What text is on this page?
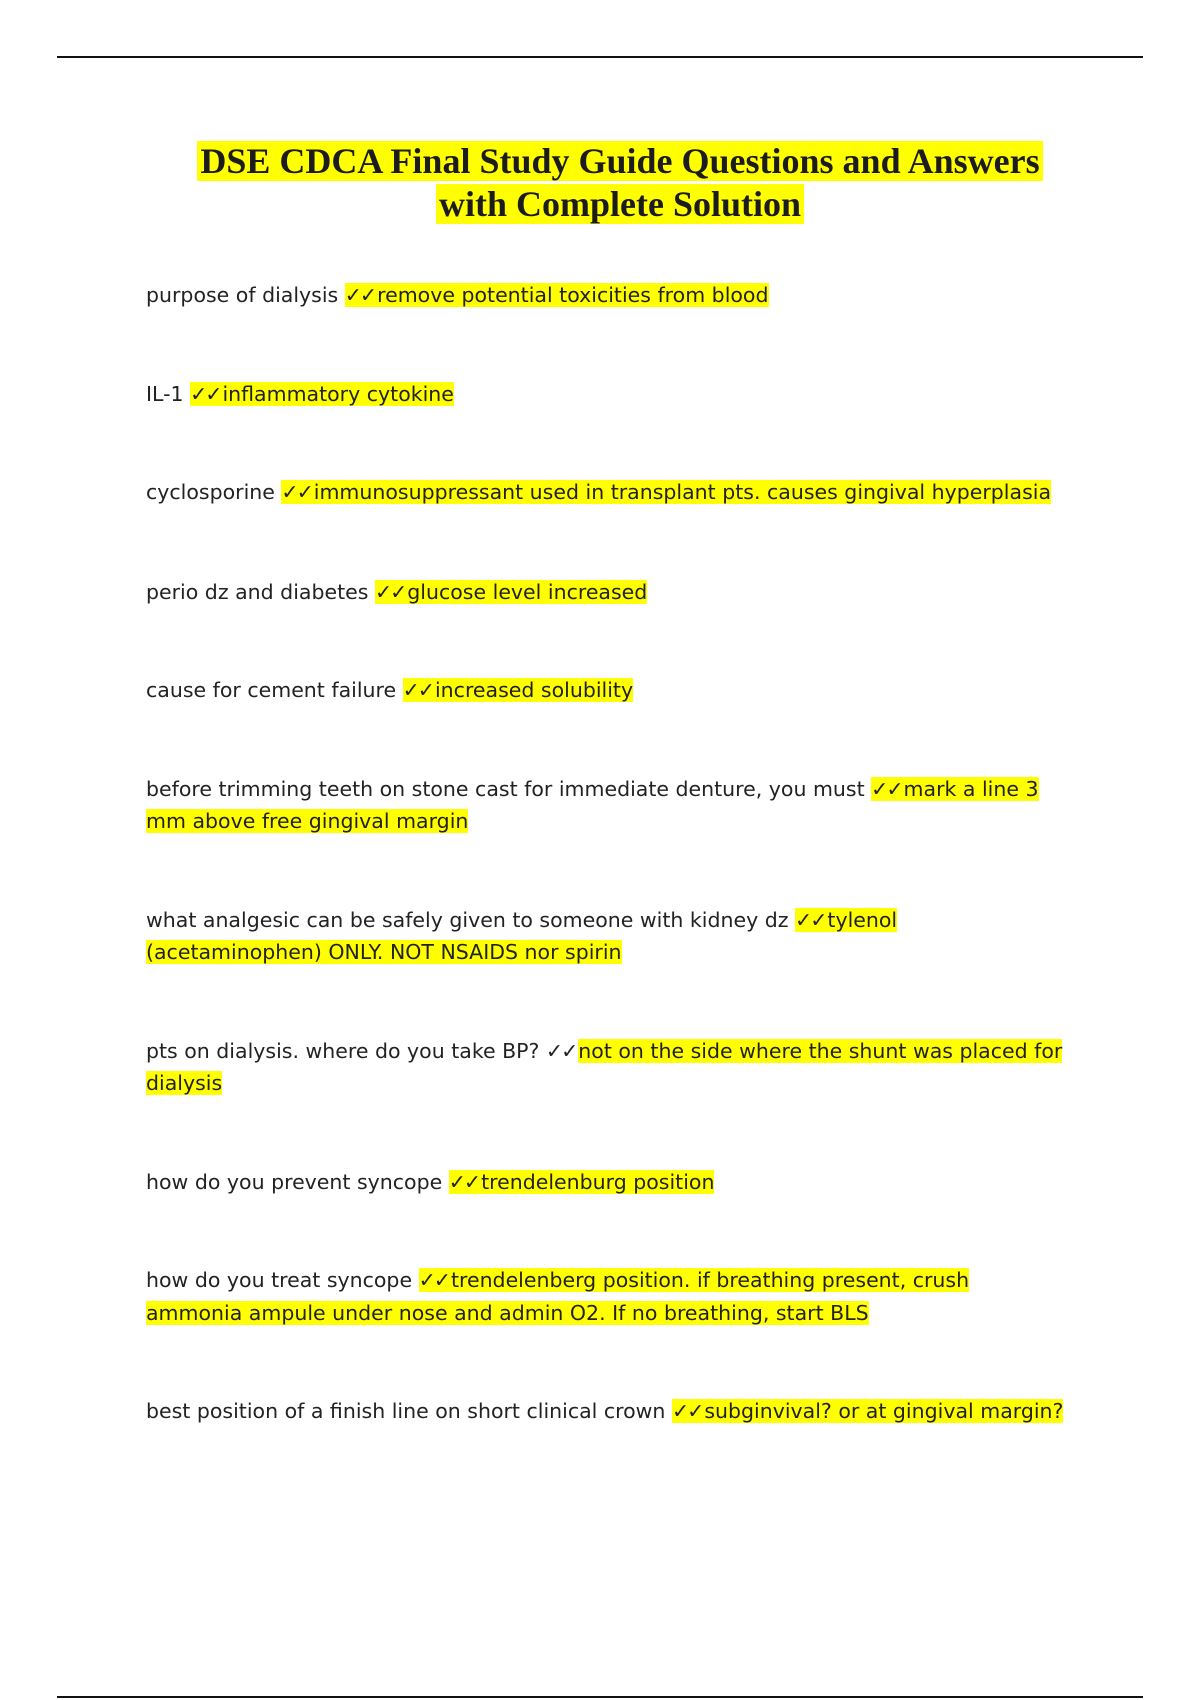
DSE CDCA Final Study Guide Questions and Answers
with Complete Solution

purpose of dialysis ✓✓remove potential toxicities from blood

IL-1 ✓✓inflammatory cytokine

cyclosporine ✓✓immunosuppressant used in transplant pts. causes gingival hyperplasia

perio dz and diabetes ✓✓glucose level increased

cause for cement failure ✓✓increased solubility

before trimming teeth on stone cast for immediate denture, you must ✓✓mark a line 3 mm above free gingival margin

what analgesic can be safely given to someone with kidney dz ✓✓tylenol (acetaminophen) ONLY. NOT NSAIDS nor spirin

pts on dialysis. where do you take BP? ✓✓not on the side where the shunt was placed for dialysis

how do you prevent syncope ✓✓trendelenburg position

how do you treat syncope ✓✓trendelenberg position. if breathing present, crush ammonia ampule under nose and admin O2. If no breathing, start BLS

best position of a finish line on short clinical crown ✓✓subginvival? or at gingival margin?
